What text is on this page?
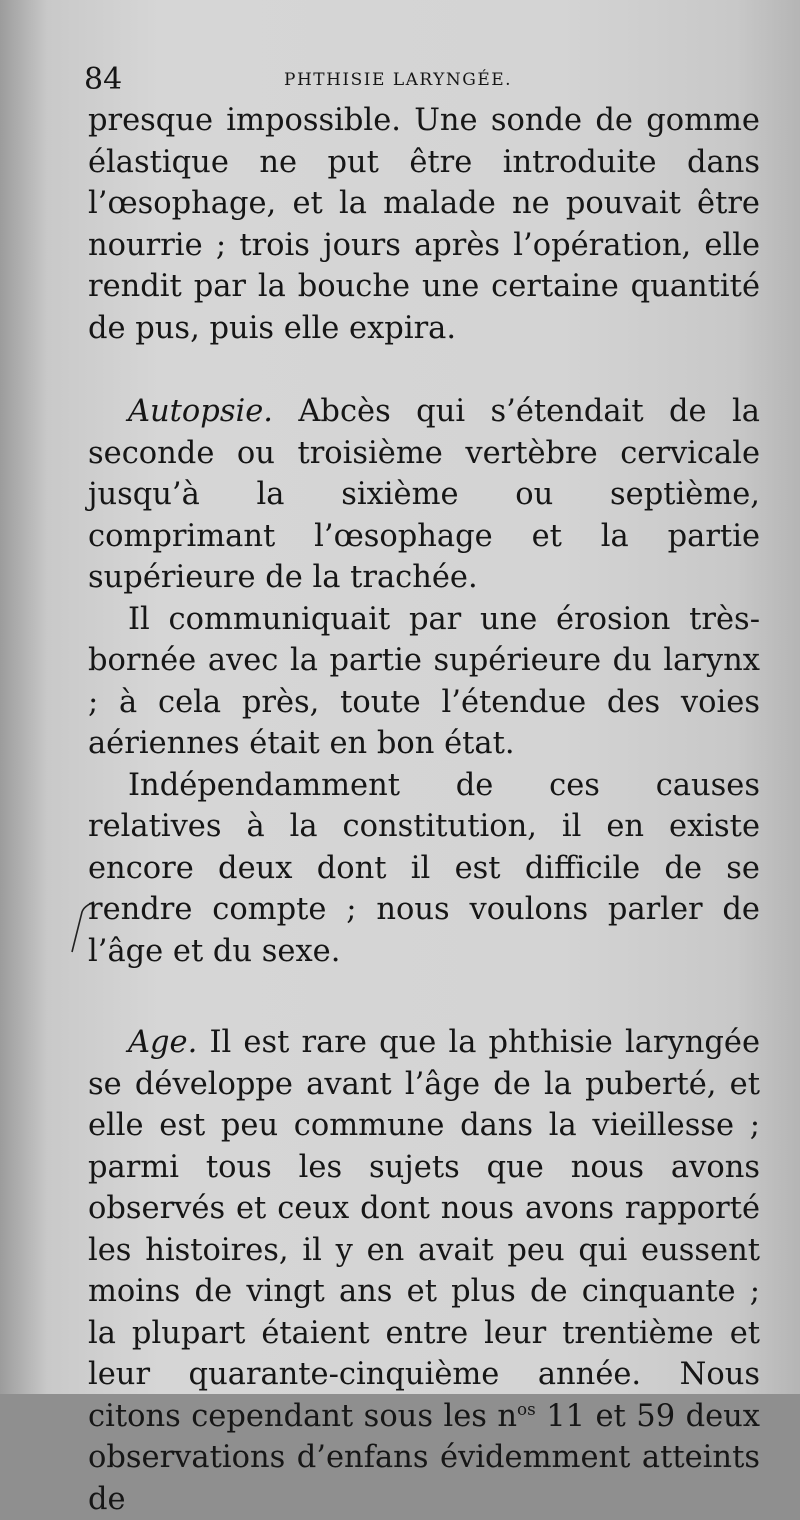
84	PHTHISIE LARYNGÉE.

presque impossible. Une sonde de gomme élastique ne put être introduite dans l’œsophage, et la malade ne pouvait être nourrie ; trois jours après l’opération, elle rendit par la bouche une certaine quantité de pus, puis elle expira.

Autopsie. Abcès qui s’étendait de la seconde ou troisième vertèbre cervicale jusqu’à la sixième ou septième, comprimant l’œsophage et la partie supérieure de la trachée.

Il communiquait par une érosion très-bornée avec la partie supérieure du larynx ; à cela près, toute l’étendue des voies aériennes était en bon état.

Indépendamment de ces causes relatives à la constitution, il en existe encore deux dont il est difficile de se rendre compte ; nous voulons parler de l’âge et du sexe.

Age. Il est rare que la phthisie laryngée se développe avant l’âge de la puberté, et elle est peu commune dans la vieillesse ; parmi tous les sujets que nous avons observés et ceux dont nous avons rapporté les histoires, il y en avait peu qui eussent moins de vingt ans et plus de cinquante ; la plupart étaient entre leur trentième et leur quarante-cinquième année. Nous citons cependant sous les $n^{os}$ 11 et 59 deux observations d’enfans évidemment atteints de
